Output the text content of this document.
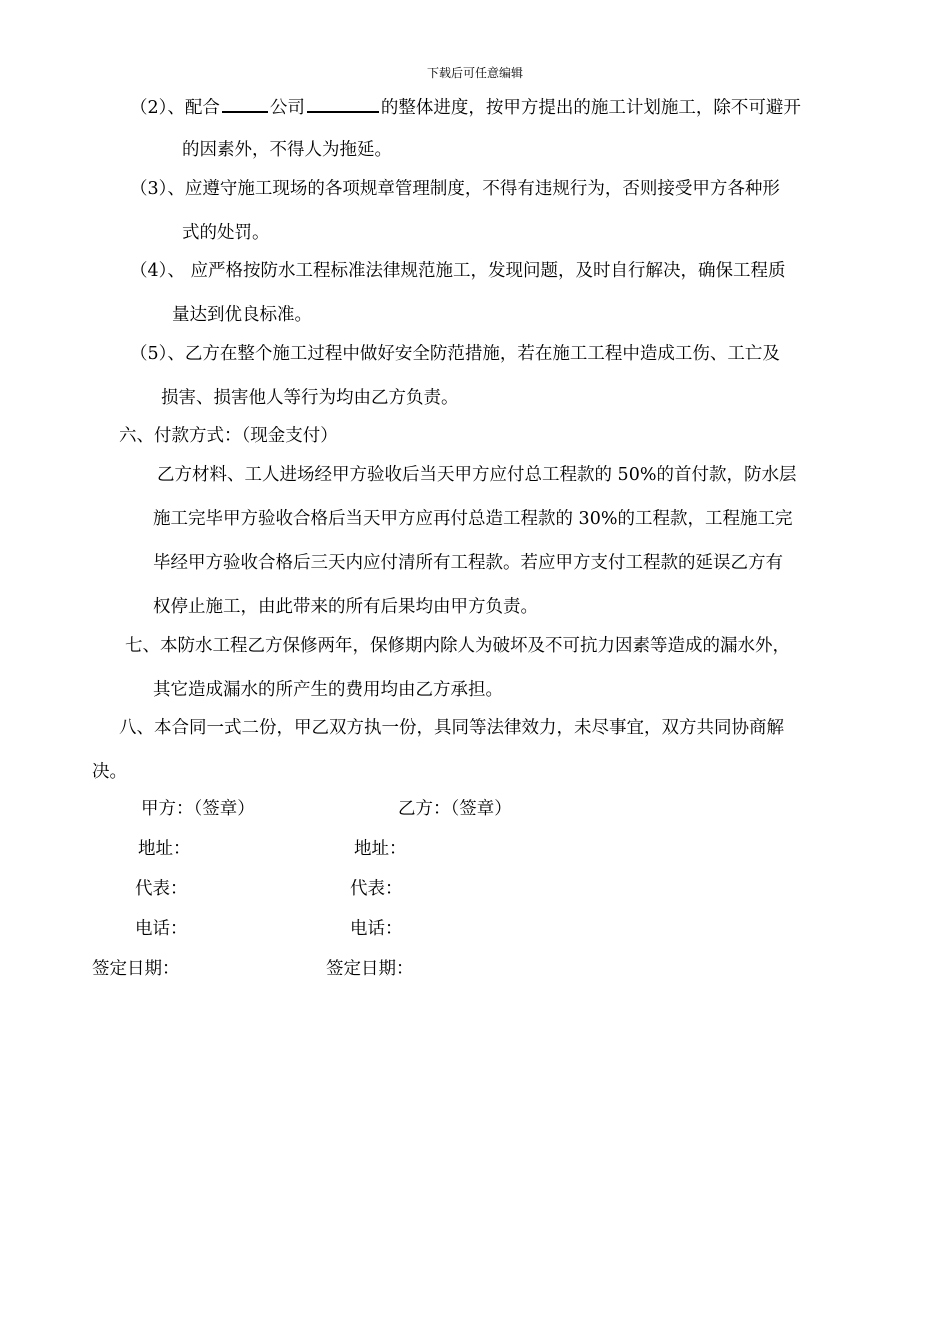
下载后可任意编辑
（2）、配合	公司	的整体进度，按甲方提出的施工计划施工，除不可避开
的因素外，不得人为拖延。
（3）、应遵守施工现场的各项规章管理制度，不得有违规行为，否则接受甲方各种形
式的处罚。
（4）、 应严格按防水工程标准法律规范施工，发现问题，及时自行解决，确保工程质
量达到优良标准。
（5）、乙方在整个施工过程中做好安全防范措施，若在施工工程中造成工伤、工亡及
损害、损害他人等行为均由乙方负责。
六、付款方式：（现金支付）
乙方材料、工人进场经甲方验收后当天甲方应付总工程款的 50%的首付款，防水层
施工完毕甲方验收合格后当天甲方应再付总造工程款的 30%的工程款，工程施工完
毕经甲方验收合格后三天内应付清所有工程款。若应甲方支付工程款的延误乙方有
权停止施工，由此带来的所有后果均由甲方负责。
七、本防水工程乙方保修两年，保修期内除人为破坏及不可抗力因素等造成的漏水外，
其它造成漏水的所产生的费用均由乙方承担。
八、本合同一式二份，甲乙双方执一份，具同等法律效力，未尽事宜，双方共同协商解
决。
甲方：（签章）	乙方：（签章）
地址：	地址：
代表：	代表：
电话：	电话：
签定日期：	签定日期：
